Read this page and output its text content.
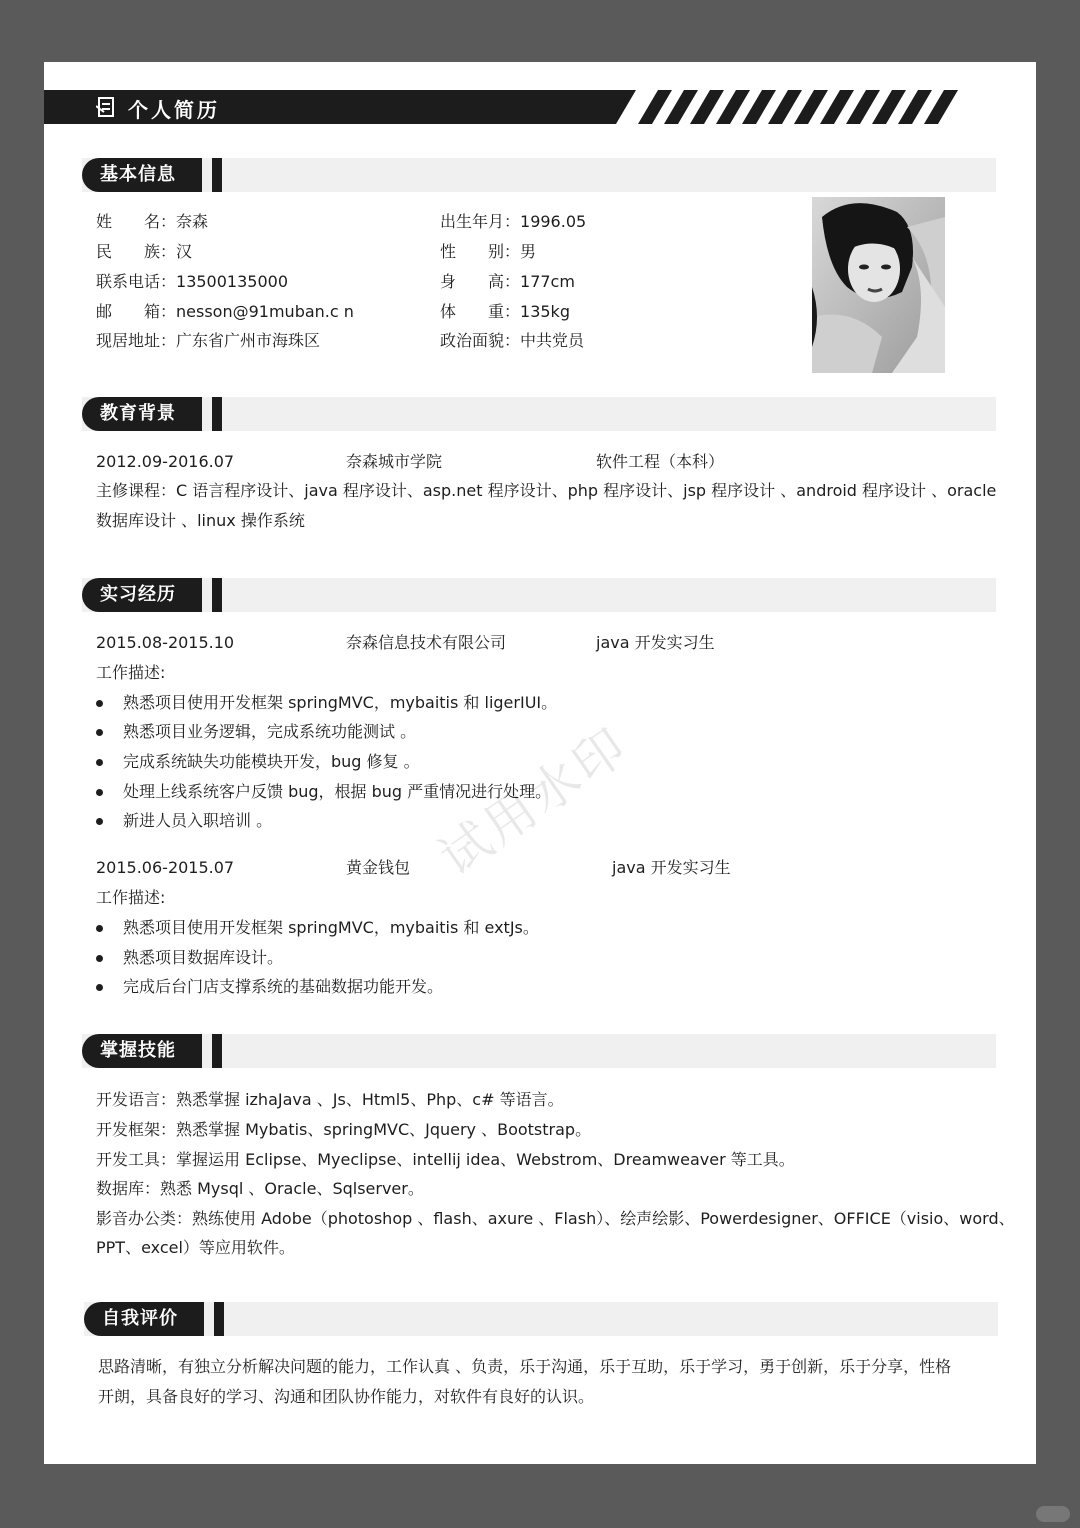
个人简历
基本信息
姓　　名：奈森
民　　族：汉
联系电话：13500135000
邮　　箱：nesson@91muban.c n
现居地址：广东省广州市海珠区
出生年月：1996.05
性　　别：男
身　　高：177cm
体　　重：135kg
政治面貌：中共党员
教育背景
2012.09-2016.07	奈森城市学院	软件工程（本科）
主修课程：C 语言程序设计、java 程序设计、asp.net 程序设计、php 程序设计、jsp 程序设计 、android 程序设计 、oracle
数据库设计 、linux 操作系统
实习经历
2015.08-2015.10	奈森信息技术有限公司	java 开发实习生
工作描述:
熟悉项目使用开发框架 springMVC，mybaitis 和 ligerIUI。
熟悉项目业务逻辑，完成系统功能测试 。
完成系统缺失功能模块开发，bug 修复 。
处理上线系统客户反馈 bug，根据 bug 严重情况进行处理。
新进人员入职培训 。
2015.06-2015.07	黄金钱包	java 开发实习生
工作描述:
熟悉项目使用开发框架 springMVC，mybaitis 和 extJs。
熟悉项目数据库设计。
完成后台门店支撑系统的基础数据功能开发。
掌握技能
开发语言：熟悉掌握 izhaJava 、Js、Html5、Php、c# 等语言。
开发框架：熟悉掌握 Mybatis、springMVC、Jquery 、Bootstrap。
开发工具：掌握运用 Eclipse、Myeclipse、intellij idea、Webstrom、Dreamweaver 等工具。
数据库：熟悉 Mysql 、Oracle、Sqlserver。
影音办公类：熟练使用 Adobe（photoshop 、flash、axure 、Flash）、绘声绘影、Powerdesigner、OFFICE（visio、word、
PPT、excel）等应用软件。
自我评价
思路清晰，有独立分析解决问题的能力，工作认真 、负责，乐于沟通，乐于互助，乐于学习，勇于创新，乐于分享，性格
开朗，具备良好的学习、沟通和团队协作能力，对软件有良好的认识。
试用水印
